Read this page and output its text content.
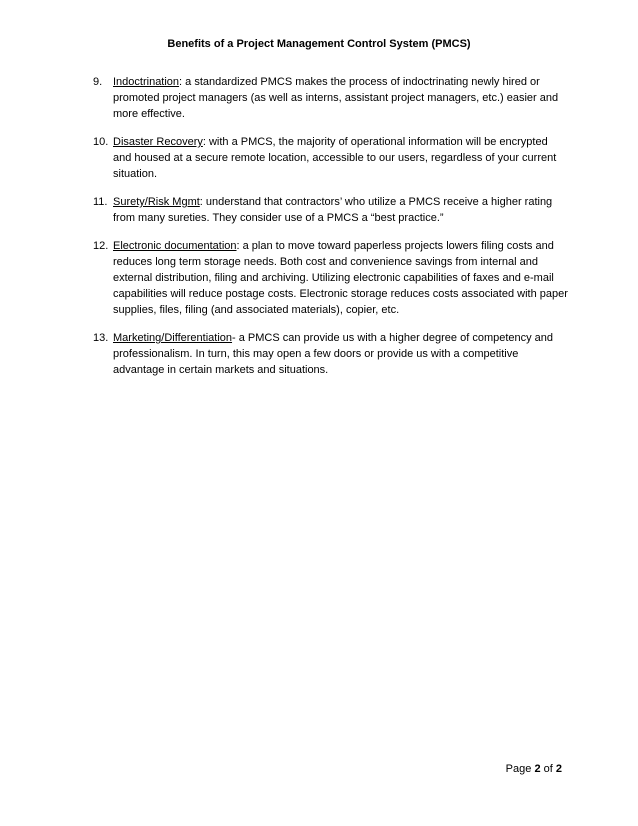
Benefits of a Project Management Control System (PMCS)
9. Indoctrination: a standardized PMCS makes the process of indoctrinating newly hired or promoted project managers (as well as interns, assistant project managers, etc.) easier and more effective.
10. Disaster Recovery: with a PMCS, the majority of operational information will be encrypted and housed at a secure remote location, accessible to our users, regardless of your current situation.
11. Surety/Risk Mgmt: understand that contractors’ who utilize a PMCS receive a higher rating from many sureties. They consider use of a PMCS a “best practice.”
12. Electronic documentation: a plan to move toward paperless projects lowers filing costs and reduces long term storage needs. Both cost and convenience savings from internal and external distribution, filing and archiving. Utilizing electronic capabilities of faxes and e-mail capabilities will reduce postage costs. Electronic storage reduces costs associated with paper supplies, files, filing (and associated materials), copier, etc.
13. Marketing/Differentiation- a PMCS can provide us with a higher degree of competency and professionalism. In turn, this may open a few doors or provide us with a competitive advantage in certain markets and situations.
Page 2 of 2
